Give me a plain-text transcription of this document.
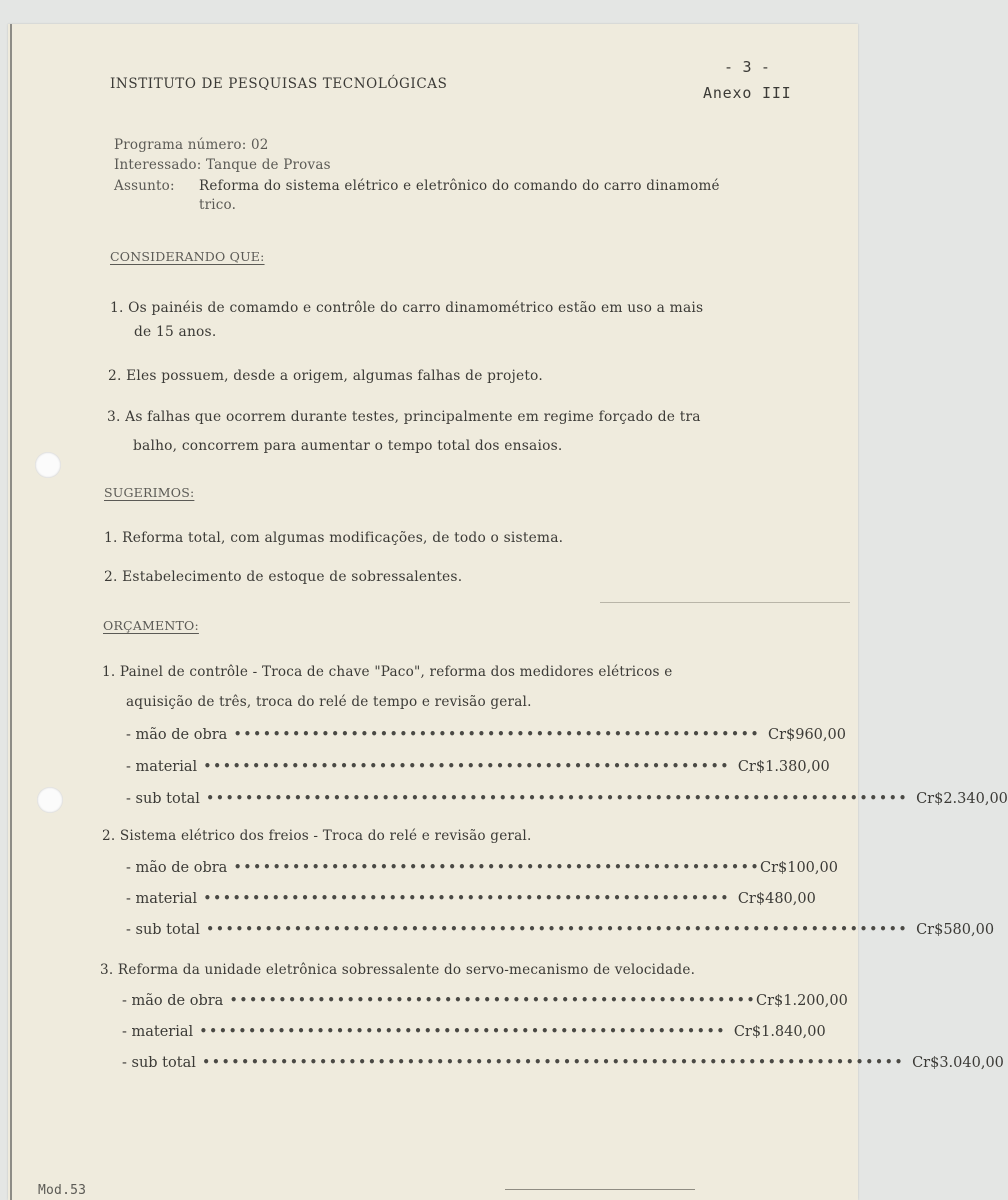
INSTITUTO DE PESQUISAS TECNOLÓGICAS
- 3 -
Anexo III
Programa número: 02
Interessado: Tanque de Provas
Assunto: Reforma do sistema elétrico e eletrônico do comando do carro dinamomé
trico.
CONSIDERANDO QUE:
1. Os painéis de comamdo e contrôle do carro dinamométrico estão em uso a mais
de 15 anos.
2. Eles possuem, desde a origem, algumas falhas de projeto.
3. As falhas que ocorrem durante testes, principalmente em regime forçado de tra
balho, concorrem para aumentar o tempo total dos ensaios.
SUGERIMOS:
1. Reforma total, com algumas modificações, de todo o sistema.
2. Estabelecimento de estoque de sobressalentes.
ORÇAMENTO:
1. Painel de contrôle - Troca de chave "Paco", reforma dos medidores elétricos e
aquisição de três, troca do relé de tempo e revisão geral.
- mão de obra •••••••••••••••••••••••••••••••••••••••••••••••••••••• Cr$ 960,00
- material •••••••••••••••••••••••••••••••••••••••••••••••••••••• Cr$ 1.380,00
- sub total •••••••••••••••••••••••••••••••••••••••••••••••••••••••••••••••••••••••• Cr$ 2.340,00
2. Sistema elétrico dos freios - Troca do relé e revisão geral.
- mão de obra •••••••••••••••••••••••••••••••••••••••••••••••••••••• Cr$ 100,00
- material •••••••••••••••••••••••••••••••••••••••••••••••••••••• Cr$ 480,00
- sub total •••••••••••••••••••••••••••••••••••••••••••••••••••••••••••••••••••••••• Cr$ 580,00
3. Reforma da unidade eletrônica sobressalente do servo-mecanismo de velocidade.
- mão de obra •••••••••••••••••••••••••••••••••••••••••••••••••••••• Cr$ 1.200,00
- material •••••••••••••••••••••••••••••••••••••••••••••••••••••• Cr$ 1.840,00
- sub total •••••••••••••••••••••••••••••••••••••••••••••••••••••••••••••••••••••••• Cr$ 3.040,00
Mod.53
